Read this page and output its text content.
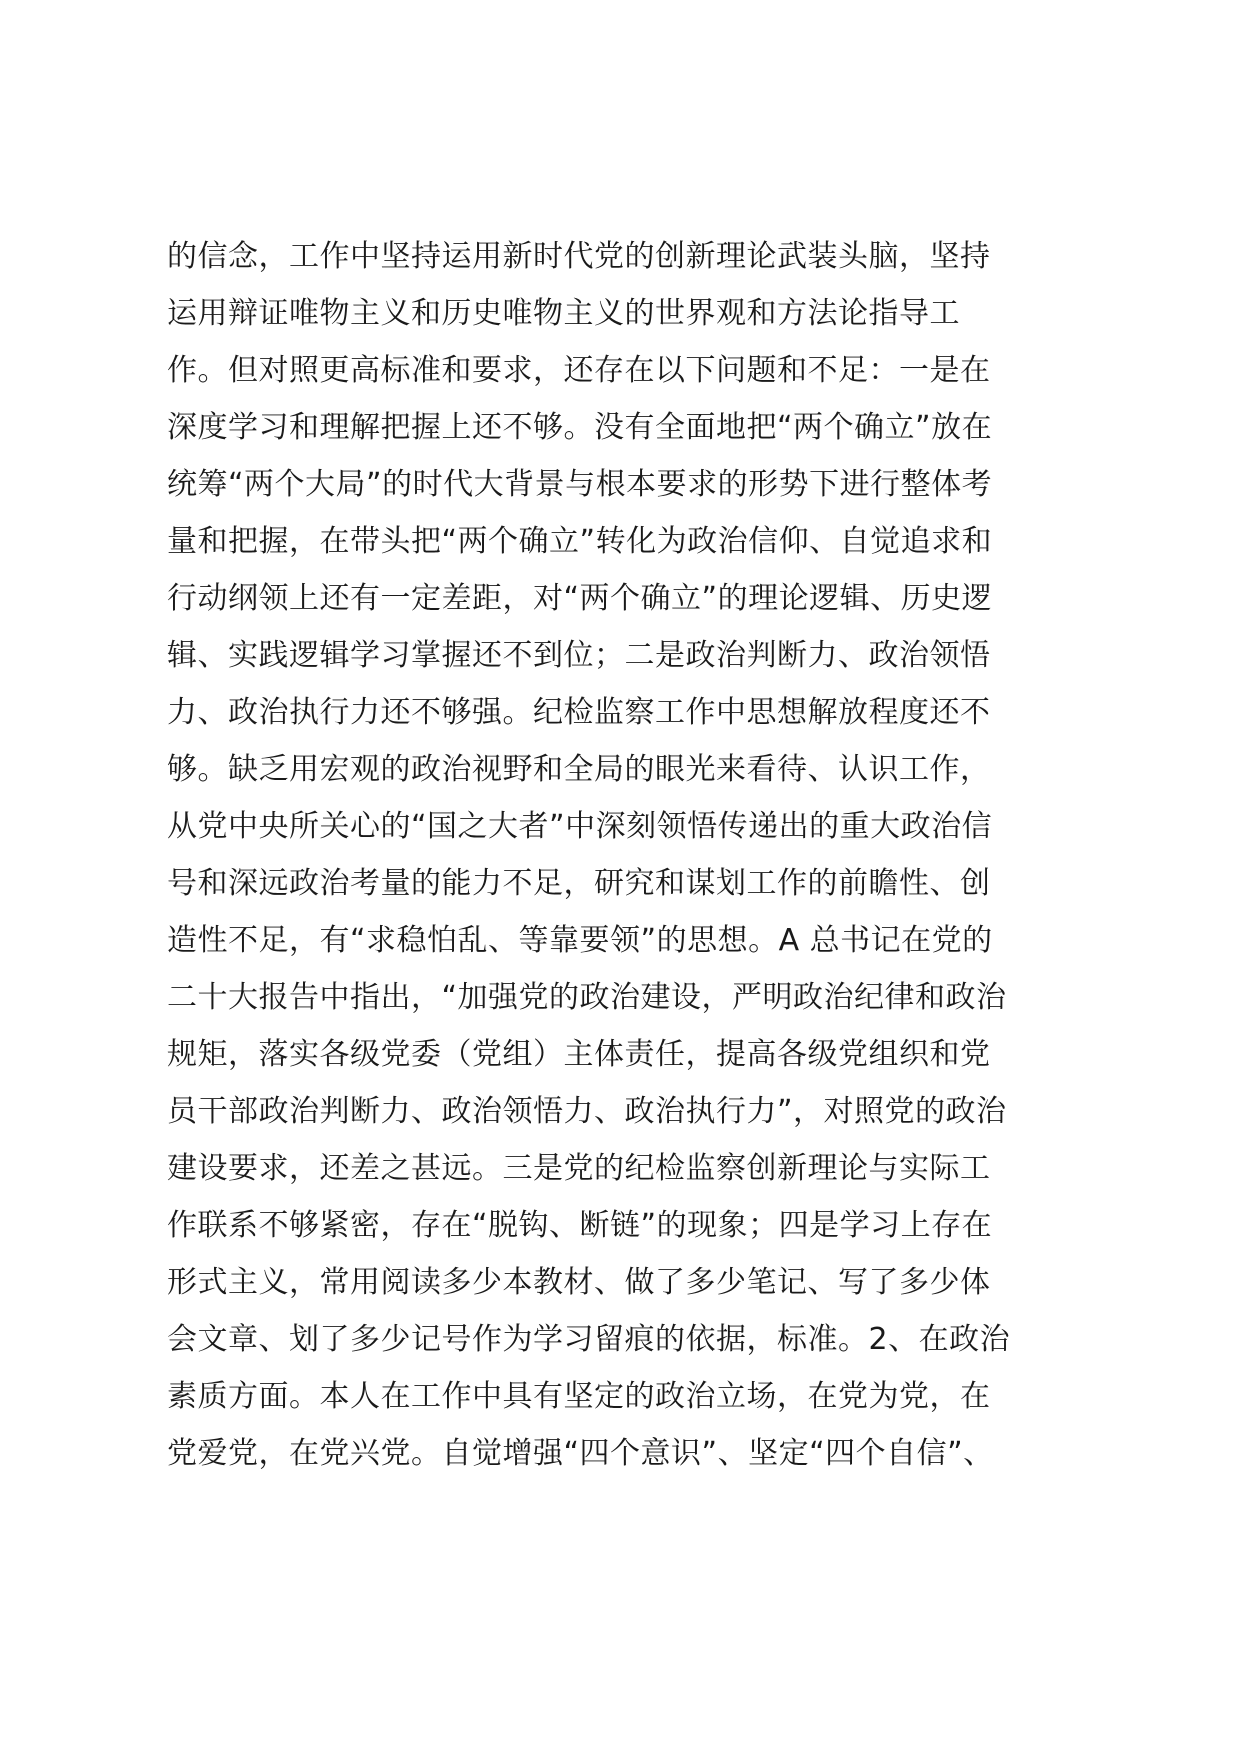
的信念，工作中坚持运用新时代党的创新理论武装头脑，坚持
运用辩证唯物主义和历史唯物主义的世界观和方法论指导工
作。但对照更高标准和要求，还存在以下问题和不足：一是在
深度学习和理解把握上还不够。没有全面地把“两个确立”放在
统筹“两个大局”的时代大背景与根本要求的形势下进行整体考
量和把握，在带头把“两个确立”转化为政治信仰、自觉追求和
行动纲领上还有一定差距，对“两个确立”的理论逻辑、历史逻
辑、实践逻辑学习掌握还不到位；二是政治判断力、政治领悟
力、政治执行力还不够强。纪检监察工作中思想解放程度还不
够。缺乏用宏观的政治视野和全局的眼光来看待、认识工作，
从党中央所关心的“国之大者”中深刻领悟传递出的重大政治信
号和深远政治考量的能力不足，研究和谋划工作的前瞻性、创
造性不足，有“求稳怕乱、等靠要领”的思想。A 总书记在党的
二十大报告中指出，“加强党的政治建设，严明政治纪律和政治
规矩，落实各级党委（党组）主体责任，提高各级党组织和党
员干部政治判断力、政治领悟力、政治执行力”，对照党的政治
建设要求，还差之甚远。三是党的纪检监察创新理论与实际工
作联系不够紧密，存在“脱钩、断链”的现象；四是学习上存在
形式主义，常用阅读多少本教材、做了多少笔记、写了多少体
会文章、划了多少记号作为学习留痕的依据，标准。2、在政治
素质方面。本人在工作中具有坚定的政治立场，在党为党，在
党爱党，在党兴党。自觉增强“四个意识”、坚定“四个自信”、
